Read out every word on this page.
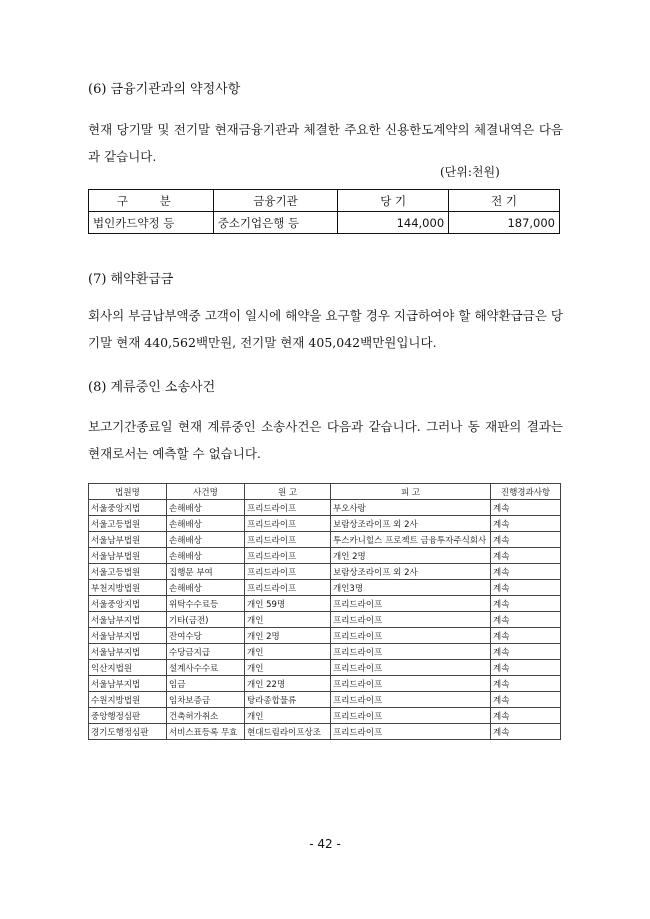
(6) 금융기관과의 약정사항
현재 당기말 및 전기말 현재금융기관과 체결한 주요한 신용한도계약의 체결내역은 다음과 같습니다.
(단위:천원)
구 분	금융기관	당 기	전 기
법인카드약정 등	중소기업은행 등	144,000	187,000
(7) 해약환급금
회사의 부금납부액중 고객이 일시에 해약을 요구할 경우 지급하여야 할 해약환급금은 당기말 현재 440,562백만원, 전기말 현재 405,042백만원입니다.
(8) 계류중인 소송사건
보고기간종료일 현재 계류중인 소송사건은 다음과 같습니다. 그러나 동 재판의 결과는 현재로서는 예측할 수 없습니다.
법원명	사건명	원 고	피 고	진행경과사항
서울중앙지법	손해배상	프리드라이프	부오사랑	계속
서울고등법원	손해배상	프리드라이프	보람상조라이프 외 2사	계속
서울남부법원	손해배상	프리드라이프	투스카니힐스 프로젝트 금융투자주식회사	계속
서울남부법원	손해배상	프리드라이프	개인 2명	계속
서울고등법원	집행문 부여	프리드라이프	보람상조라이프 외 2사	계속
부천지방법원	손해배상	프리드라이프	개인3명	계속
서울중앙지법	위탁수수료등	개인 59명	프리드라이프	계속
서울남부지법	기타(금전)	개인	프리드라이프	계속
서울남부지법	잔여수당	개인 2명	프리드라이프	계속
서울남부지법	수당금지급	개인	프리드라이프	계속
익산지법원	설계사수수료	개인	프리드라이프	계속
서울남부지법	임금	개인 22명	프리드라이프	계속
수원지방법원	임차보증금	탕라종합물류	프리드라이프	계속
중앙행정심판	건축허가취소	개인	프리드라이프	계속
경기도행정심판	서비스표등록 무효	현대드림라이프상조	프리드라이프	계속
- 42 -
